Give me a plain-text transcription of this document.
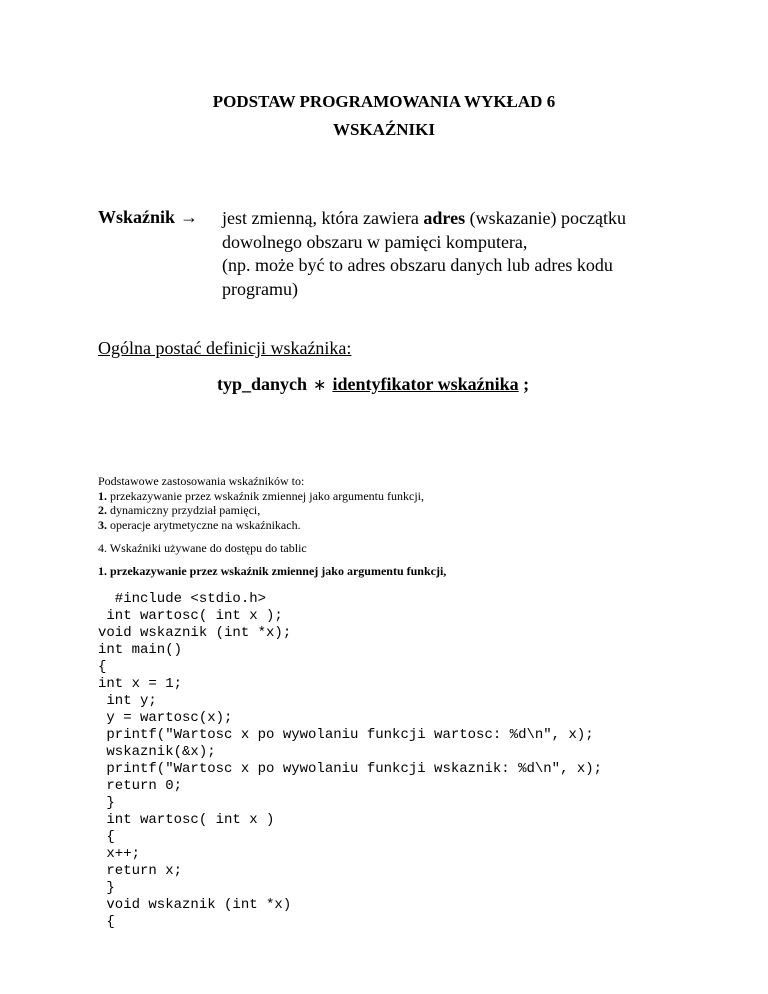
PODSTAW PROGRAMOWANIA WYKŁAD 6
WSKAŹNIKI
Wskaźnik → jest zmienną, która zawiera adres (wskazanie) początku
dowolnego obszaru w pamięci komputera,
(np. może być to adres obszaru danych lub adres kodu
programu)
Ogólna postać definicji wskaźnika:
typ_danych ∗ identyfikator wskaźnika ;
Podstawowe zastosowania wskaźników to:
1. przekazywanie przez wskaźnik zmiennej jako argumentu funkcji,
2. dynamiczny przydział pamięci,
3. operacje arytmetyczne na wskaźnikach.
4. Wskaźniki używane do dostępu do tablic
1. przekazywanie przez wskaźnik zmiennej jako argumentu funkcji,
#include <stdio.h>
int wartosc( int x );
void wskaznik (int *x);
int main()
{
int x = 1;
int y;
y = wartosc(x);
printf("Wartosc x po wywolaniu funkcji wartosc: %d\n", x);
wskaznik(&x);
printf("Wartosc x po wywolaniu funkcji wskaznik: %d\n", x);
return 0;
}
int wartosc( int x )
{
x++;
return x;
}
void wskaznik (int *x)
{
